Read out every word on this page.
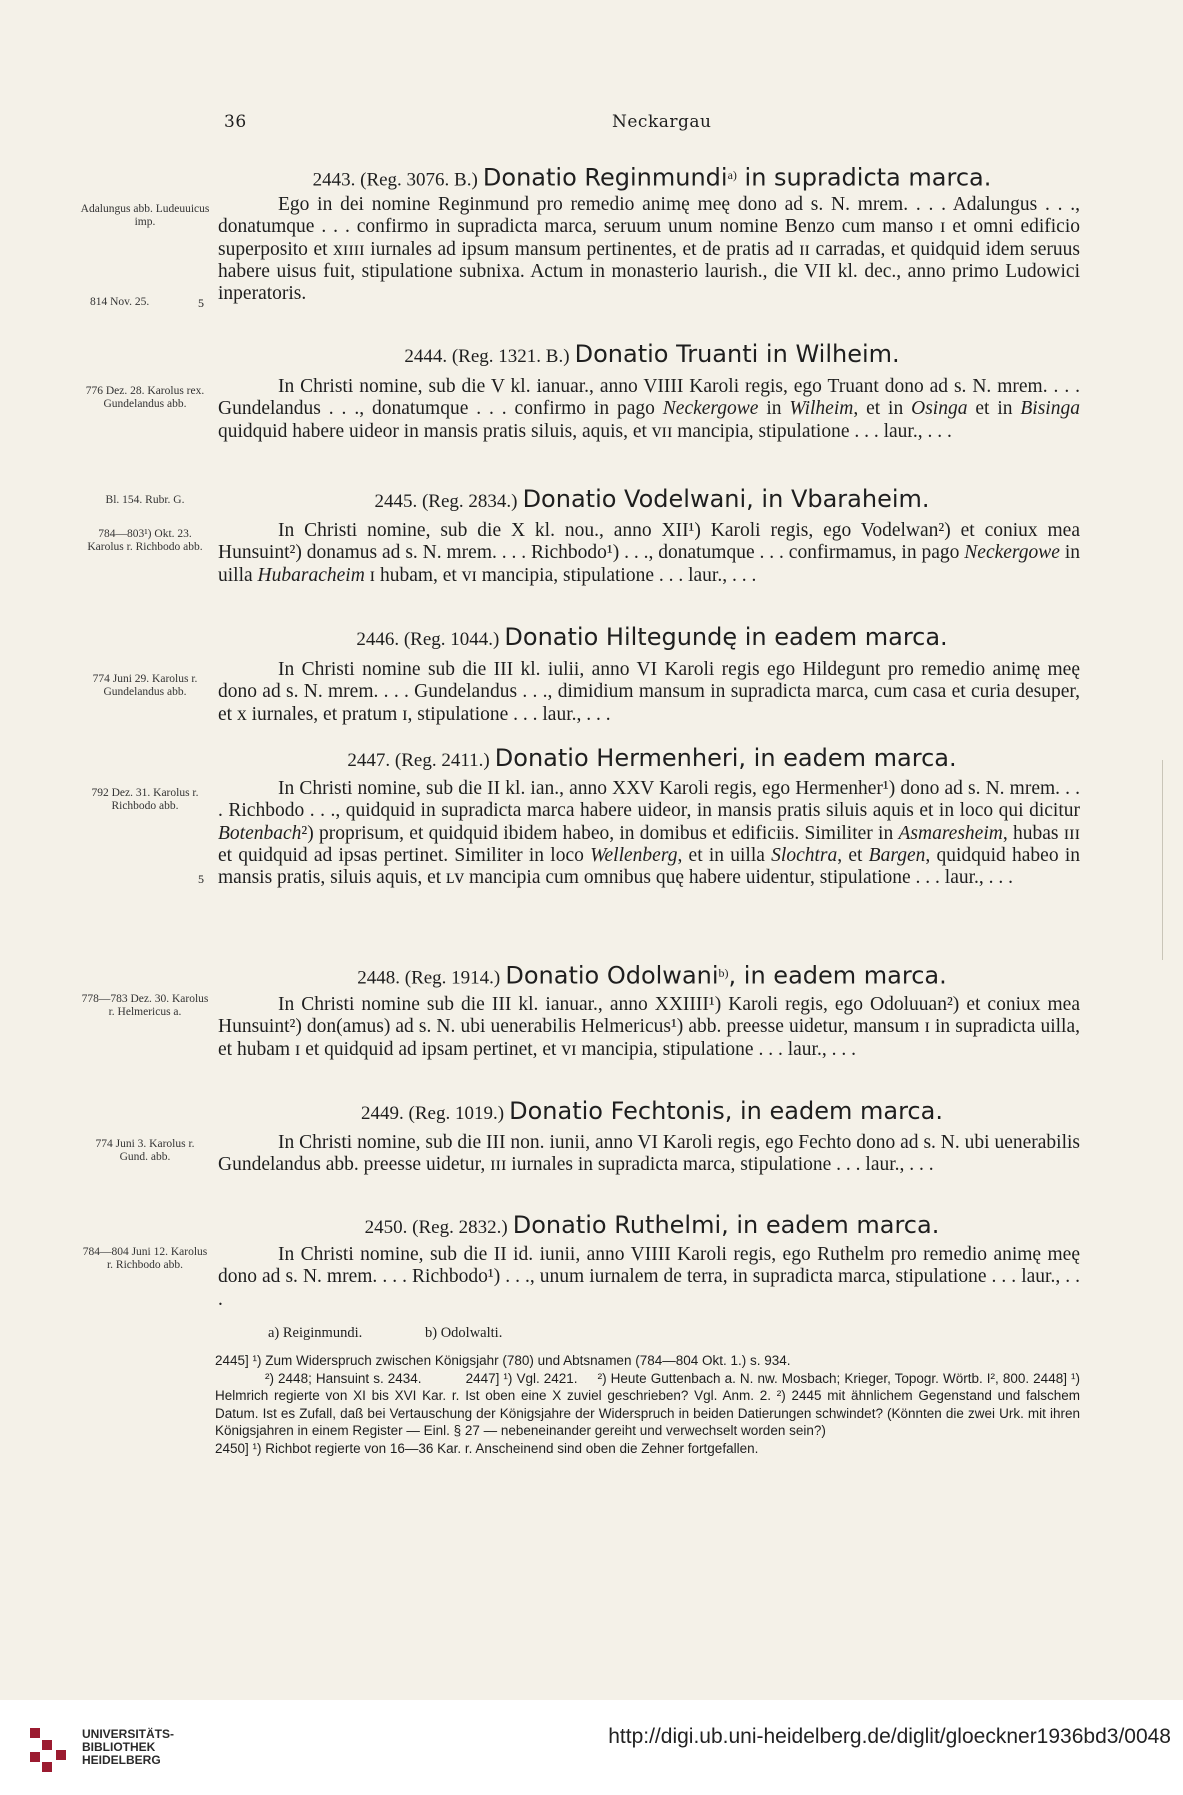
36	Neckargau
2443. (Reg. 3076. B.) Donatio Reginmundi$^{a)}$ in supradicta marca.

Ego in dei nomine Reginmund pro remedio animę meę dono ad s. N. mrem. . . . Adalungus . . ., donatumque . . . confirmo in supradicta marca, seruum unum nomine Benzo cum manso ɪ et omni edificio superposito et xɪɪɪɪ iurnales ad ipsum mansum pertinentes, et de pratis ad ɪɪ carradas, et quidquid idem seruus habere uisus fuit, stipulatione subnixa. Actum in monasterio laurish., die VII kl. dec., anno primo Ludowici inperatoris.

Adalungus abb. Ludeuuicus imp.
814 Nov. 25.	5
2444. (Reg. 1321. B.) Donatio Truanti in Wilheim.

In Christi nomine, sub die V kl. ianuar., anno VIIII Karoli regis, ego Truant dono ad s. N. mrem. . . . Gundelandus . . ., donatumque . . . confirmo in pago Neckergowe in Wilheim, et in Osinga et in Bisinga quidquid habere uideor in mansis pratis siluis, aquis, et ᴠɪɪ mancipia, stipulatione . . . laur., . . .

776 Dez. 28. Karolus rex. Gundelandus abb.
2445. (Reg. 2834.) Donatio Vodelwani, in Vbaraheim.

In Christi nomine, sub die X kl. nou., anno XII¹) Karoli regis, ego Vodelwan²) et coniux mea Hunsuint²) donamus ad s. N. mrem. . . . Richbodo¹) . . ., donatumque . . . confirmamus, in pago Neckergowe in uilla Hubaracheim ɪ hubam, et ᴠɪ mancipia, stipulatione . . . laur., . . .

Bl. 154. Rubr. G.
784—803¹) Okt. 23. Karolus r. Richbodo abb.
2446. (Reg. 1044.) Donatio Hiltegundę in eadem marca.

In Christi nomine sub die III kl. iulii, anno VI Karoli regis ego Hildegunt pro remedio animę meę dono ad s. N. mrem. . . . Gundelandus . . ., dimidium mansum in supradicta marca, cum casa et curia desuper, et x iurnales, et pratum ɪ, stipulatione . . . laur., . . .

774 Juni 29. Karolus r. Gundelandus abb.
2447. (Reg. 2411.) Donatio Hermenheri, in eadem marca.

In Christi nomine, sub die II kl. ian., anno XXV Karoli regis, ego Hermenher¹) dono ad s. N. mrem. . . . Richbodo . . ., quidquid in supradicta marca habere uideor, in mansis pratis siluis aquis et in loco qui dicitur Botenbach²) proprisum, et quidquid ibidem habeo, in domibus et edificiis. Similiter in Asmaresheim, hubas ɪɪɪ et quidquid ad ipsas pertinet. Similiter in loco Wellenberg, et in uilla Slochtra, et Bargen, quidquid habeo in mansis pratis, siluis aquis, et ʟᴠ mancipia cum omnibus quę habere uidentur, stipulatione . . . laur., . . .

792 Dez. 31. Karolus r. Richbodo abb.
5
2448. (Reg. 1914.) Donatio Odolwani$^{b)}$, in eadem marca.

In Christi nomine sub die III kl. ianuar., anno XXIIII¹) Karoli regis, ego Odoluuan²) et coniux mea Hunsuint²) don(amus) ad s. N. ubi uenerabilis Helmericus¹) abb. preesse uidetur, mansum ɪ in supradicta uilla, et hubam ɪ et quidquid ad ipsam pertinet, et ᴠɪ mancipia, stipulatione . . . laur., . . .

778—783 Dez. 30. Karolus r. Helmericus a.
2449. (Reg. 1019.) Donatio Fechtonis, in eadem marca.

In Christi nomine, sub die III non. iunii, anno VI Karoli regis, ego Fechto dono ad s. N. ubi uenerabilis Gundelandus abb. preesse uidetur, ɪɪɪ iurnales in supradicta marca, stipulatione . . . laur., . . .

774 Juni 3. Karolus r. Gund. abb.
2450. (Reg. 2832.) Donatio Ruthelmi, in eadem marca.

In Christi nomine, sub die II id. iunii, anno VIIII Karoli regis, ego Ruthelm pro remedio animę meę dono ad s. N. mrem. . . . Richbodo¹) . . ., unum iurnalem de terra, in supradicta marca, stipulatione . . . laur., . . .

784—804 Juni 12. Karolus r. Richbodo abb.
a) Reiginmundi.	b) Odolwalti.

2445] ¹) Zum Widerspruch zwischen Königsjahr (780) und Abtsnamen (784—804 Okt. 1.) s. 934.
²) 2448; Hansuint s. 2434.	2447] ¹) Vgl. 2421. ²) Heute Guttenbach a. N. nw. Mosbach; Krieger, Topogr. Wörtb. I², 800. 2448] ¹) Helmrich regierte von XI bis XVI Kar. r. Ist oben eine X zuviel geschrieben? Vgl. Anm. 2. ²) 2445 mit ähnlichem Gegenstand und falschem Datum. Ist es Zufall, daß bei Vertauschung der Königsjahre der Widerspruch in beiden Datierungen schwindet? (Könnten die zwei Urk. mit ihren Königsjahren in einem Register — Einl. § 27 — nebeneinander gereiht und verwechselt worden sein?)
2450] ¹) Richbot regierte von 16—36 Kar. r. Anscheinend sind oben die Zehner fortgefallen.

UNIVERSITÄTS-
BIBLIOTHEK
HEIDELBERG
http://digi.ub.uni-heidelberg.de/diglit/gloeckner1936bd3/0048
